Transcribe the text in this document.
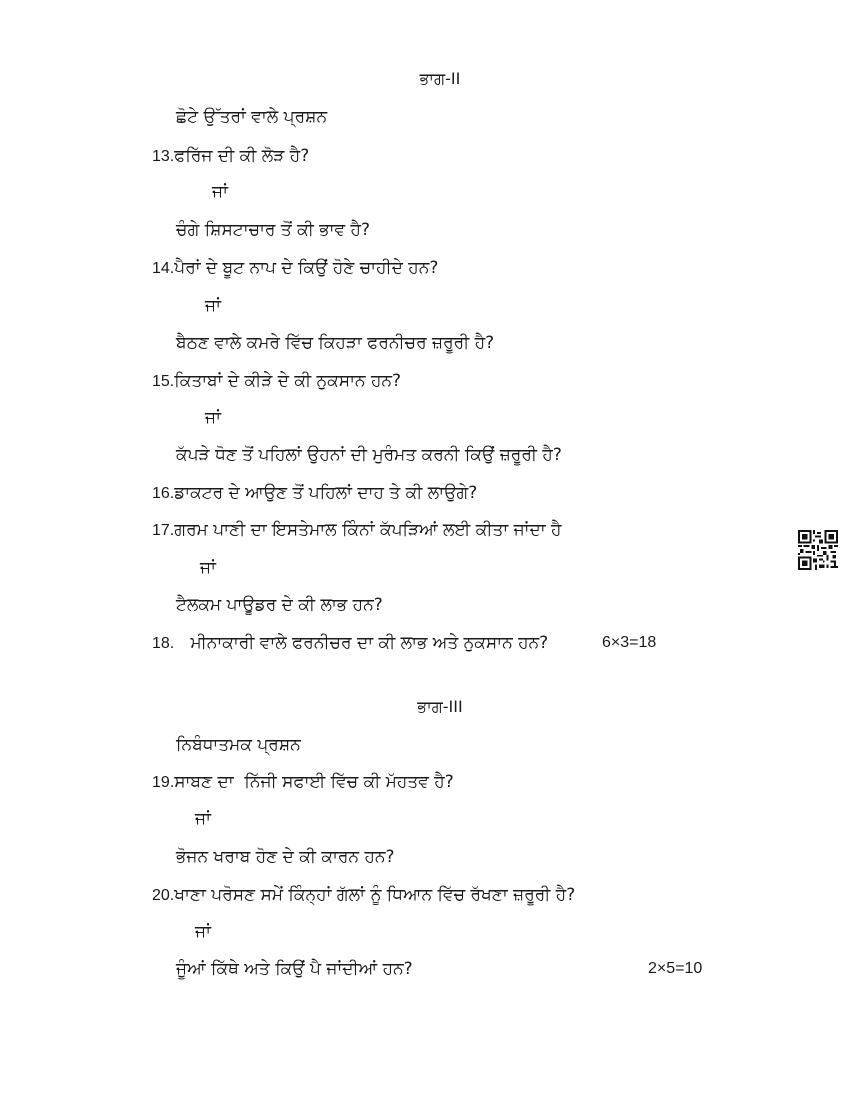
ਭਾਗ-II
ਛੋਟੇ ਉੱਤਰਾਂ ਵਾਲੇ ਪ੍ਰਸ਼ਨ
13.ਫਰਿੱਜ ਦੀ ਕੀ ਲੋੜ ਹੈ?
ਜਾਂ
ਚੰਗੇ ਸ਼ਿਸਟਾਚਾਰ ਤੋਂ ਕੀ ਭਾਵ ਹੈ?
14.ਪੈਰਾਂ ਦੇ ਬੂਟ ਨਾਪ ਦੇ ਕਿਉਂ ਹੋਣੇ ਚਾਹੀਦੇ ਹਨ?
ਜਾਂ
ਬੈਠਣ ਵਾਲੇ ਕਮਰੇ ਵਿੱਚ ਕਿਹੜਾ ਫਰਨੀਚਰ ਜ਼ਰੂਰੀ ਹੈ?
15.ਕਿਤਾਬਾਂ ਦੇ ਕੀੜੇ ਦੇ ਕੀ ਨੁਕਸਾਨ ਹਨ?
ਜਾਂ
ਕੱਪੜੇ ਧੋਣ ਤੋਂ ਪਹਿਲਾਂ ਉਹਨਾਂ ਦੀ ਮੁਰੰਮਤ ਕਰਨੀ ਕਿਉਂ ਜ਼ਰੂਰੀ ਹੈ?
16.ਡਾਕਟਰ ਦੇ ਆਉਣ ਤੋਂ ਪਹਿਲਾਂ ਦਾਹ ਤੇ ਕੀ ਲਾਉਗੇ?
17.ਗਰਮ ਪਾਣੀ ਦਾ ਇਸਤੇਮਾਲ ਕਿੰਨਾਂ ਕੱਪੜਿਆਂ ਲਈ ਕੀਤਾ ਜਾਂਦਾ ਹੈ
ਜਾਂ
ਟੈਲਕਮ ਪਾਊਡਰ ਦੇ ਕੀ ਲਾਭ ਹਨ?
18. ਮੀਨਾਕਾਰੀ ਵਾਲੇ ਫਰਨੀਚਰ ਦਾ ਕੀ ਲਾਭ ਅਤੇ ਨੁਕਸਾਨ ਹਨ?	6×3=18
ਭਾਗ-III
ਨਿਬੰਧਾਤਮਕ ਪ੍ਰਸ਼ਨ
19.ਸਾਬਣ ਦਾ  ਨਿੱਜੀ ਸਫਾਈ ਵਿੱਚ ਕੀ ਮੱਹਤਵ ਹੈ?
ਜਾਂ
ਭੋਜਨ ਖਰਾਬ ਹੋਣ ਦੇ ਕੀ ਕਾਰਨ ਹਨ?
20.ਖਾਣਾ ਪਰੋਸਣ ਸਮੇਂ ਕਿੰਨ੍ਹਾਂ ਗੱਲਾਂ ਨੂੰ ਧਿਆਨ ਵਿੱਚ ਰੱਖਣਾ ਜ਼ਰੂਰੀ ਹੈ?
ਜਾਂ
ਜੂੰਆਂ ਕਿੱਥੇ ਅਤੇ ਕਿਉਂ ਪੈ ਜਾਂਦੀਆਂ ਹਨ?	2×5=10
